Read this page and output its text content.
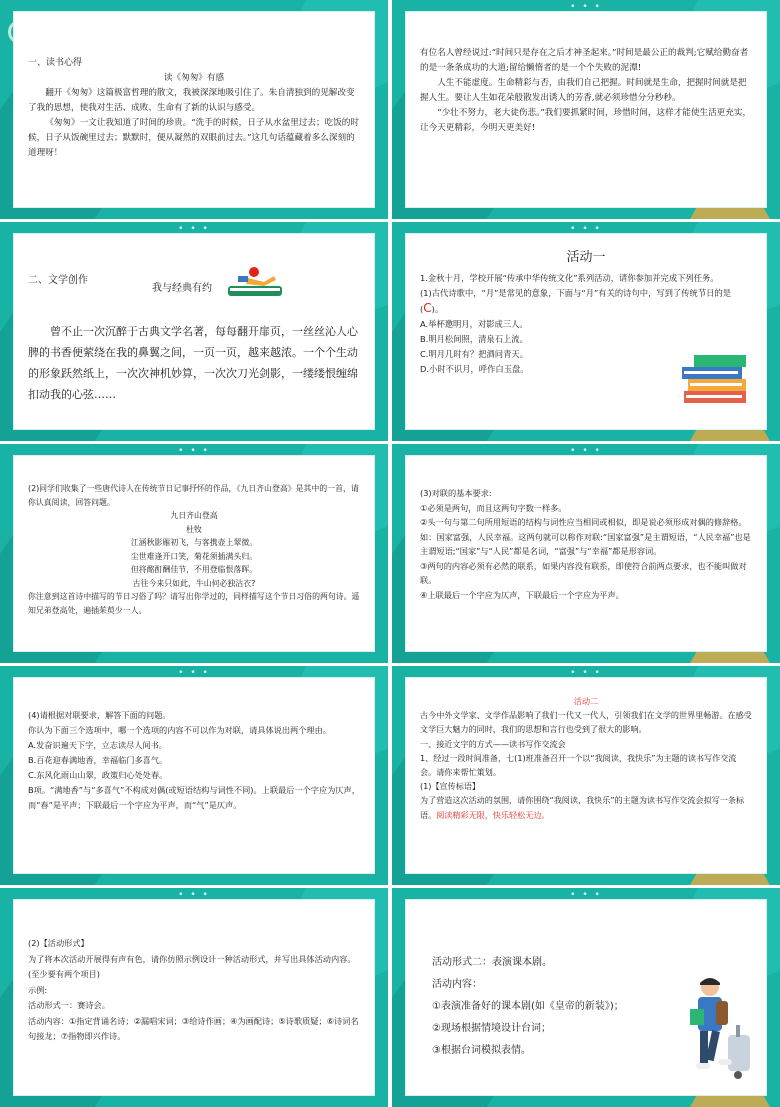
一、读书心得

读《匆匆》有感

翻开《匆匆》这篇极富哲理的散文，我被深深地吸引住了。朱自清独到的见解改变了我的思想，使我对生活、成败、生命有了新的认识与感受。

《匆匆》一文让我知道了时间的珍贵。“洗手的时候，日子从水盆里过去；吃饭的时候，日子从饭碗里过去；默默时，便从凝然的双眼前过去。”这几句话蕴藏着多么深刻的道理呀！

• • •

有位名人曾经说过:“时间只是存在之后才神圣起来。”时间是最公正的裁判;它赋给勤奋者的是一条条成功的大道;留给懒惰者的是一个个失败的泥潭!

人生不能虚度。生命精彩与否，由我们自己把握。时间就是生命，把握时间就是把握人生。要让人生如花朵般散发出诱人的芳香,就必须珍惜分分秒秒。

“少壮不努力，老大徒伤悲。”我们要抓紧时间，珍惜时间，这样才能使生活更充实，让今天更精彩，今明天更美好!

• • •

二、文学创作

我与经典有约

曾不止一次沉醉于古典文学名著，每每翻开扉页，一丝丝沁人心脾的书香便萦绕在我的鼻翼之间，一页一页，越来越浓。一个个生动的形象跃然纸上，一次次神机妙算，一次次刀光剑影，一缕缕恨缠绵扣动我的心弦……

• • •

活动一

1.金秋十月，学校开展“传承中华传统文化”系列活动，请你参加并完成下列任务。

(1)古代诗歌中，“月”是常见的意象，下面与“月”有关的诗句中，写到了传统节日的是(C)。

A.举杯邀明月，对影成三人。

B.明月松间照，清泉石上流。

C.明月几时有？把酒问青天。

D.小时不识月，呼作白玉盘。

• • •

(2)同学们收集了一些唐代诗人在传统节日记事抒怀的作品，《九日齐山登高》是其中的一首，请你认真阅读，回答问题。

九日齐山登高

杜牧

江涵秋影雁初飞，与客携壶上翠微。

尘世难逢开口笑，菊花须插满头归。

但将酩酊酬佳节，不用登临恨落晖。

古往今来只如此，牛山何必独沾衣?

你注意到这首诗中描写的节日习俗了吗？请写出你学过的，同样描写这个节日习俗的两句诗。遥知兄弟登高处，遍插茱萸少一人。

• • •

(3)对联的基本要求:

①必须是两句，而且这两句字数一样多。

②头一句与第二句所用短语的结构与词性应当相同或相似，即是说必须形成对偶的修辞格。如：国家富强，人民幸福。这两句就可以称作对联:“国家富强”是主谓短语，“人民幸福”也是主谓短语;“国家”与“人民”都是名词，“富强”与“幸福”都是形容词。

③两句的内容必须有必然的联系，如果内容没有联系，即使符合前两点要求，也不能叫做对联。

④上联最后一个字应为仄声，下联最后一个字应为平声。

• • •

(4)请根据对联要求，解答下面的问题。

你认为下面三个选项中，哪一个选项的内容不可以作为对联，请具体说出两个理由。

A.发奋识遍天下字，立志读尽人间书。

B.百花迎春满地香，幸福临门多喜气。

C.东风化雨山山翠，政策归心处处春。

B项。“满地香”与“多喜气”不构成对偶(或短语结构与词性不同)。上联最后一个字应为仄声，而“春”是平声；下联最后一个字应为平声，而“气”是仄声。

• • •

活动二

古今中外文学家、文学作品影响了我们一代又一代人，引领我们在文学的世界里畅游。在感受文学巨大魅力的同时，我们的思想和言行也受到了很大的影响。

一、接近文字的方式——读书写作交流会

1、经过一段时间准备，七(1)班准备召开一个以“我阅读，我快乐”为主题的读书写作交流会。请你来帮忙策划。

(1)【宣传标语】

为了营造这次活动的氛围，请你围绕“我阅读，我快乐”的主题为读书写作交流会拟写一条标语。阅读精彩无限，快乐轻松无边。

• • •

(2)【活动形式】

为了将本次活动开展得有声有色，请你仿照示例设计一种活动形式，并写出具体活动内容。

(至少要有两个项目)

示例:

活动形式一：赛诗会。

活动内容：①指定背诵名诗；②漏唱宋词；③给诗作画；④为画配诗；⑤诗歌质疑；⑥诗词名句接龙；⑦指物即兴作诗。

• • •

活动形式二：表演课本剧。

活动内容：

①表演准备好的课本剧(如《皇帝的新装》)；

②现场根据情境设计台词；

③根据台词模拟表情。
